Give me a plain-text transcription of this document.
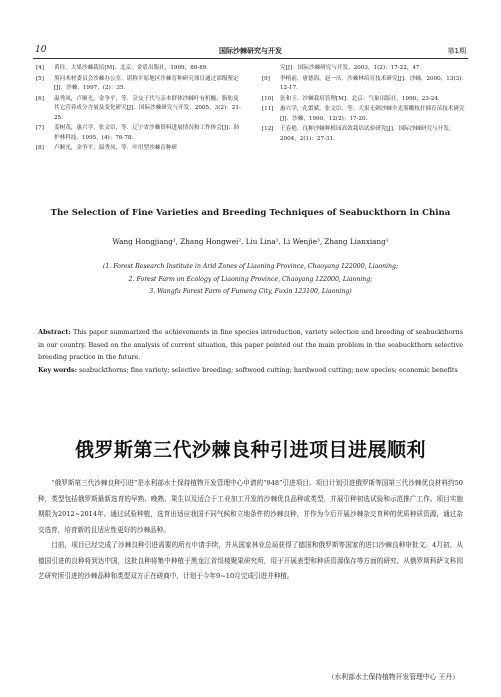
10	国际沙棘研究与开发	第1期
[4]	黄铨．大果沙棘栽培[M]．北京：金盾出版社，1999，88-89．
[5]	黑河木材委员会沙棘办公室．堪称平原地区沙棘育种研究项目通过部级鉴定[J]．沙棘，1997，(2)：35．
[6]	温秀凤，卢顺光，金争平，等．杂交子代与亲本群体沙棘叶有机酸、脂肪及其它营养成分含量及变化研究[J]．国际沙棘研究与开发，2005，3(2)：21-25．
[7]	姜树茂，惠兴学，张文臣，等．辽宁省沙棘资料进展情况和工作体会[J]．防护林科技，1995，(4)：76-78．
[8]	卢顺光，金争平，温秀凤，等．叶用型沙棘育种研
究[J]．国际沙棘研究与开发，2003，1(2)：17-22，47．
[9]	李榕前，唐德海，赵一庆．沙棘林培育技术研究[J]．沙棘，2000，13(3)：12-17．
[10]	张和玉．沙棘栽培管理[M]．北京：气象出版社，1990，23-24．
[11]	惠兴学，孔繁斌，张文臣，等．大果无刺沙棘全光雾嫩枝扦插育苗技术研究[J]．沙棘，1999，12(2)：17-20．
[12]	王春艳．良种沙棘种植园高效栽培试验研究[J]．国际沙棘研究与开发，2004，2(1)：27-31．
The Selection of Fine Varieties and Breeding Techniques of Seabuckthorn in China
Wang Hongjiang¹, Zhang Hongwei², Liu Lina¹, Li Wenjie³, Zhang Lianxiang¹
(1. Forest Research Institute in Arid Zones of Liaoning Province, Chaoyang 122000, Liaoning;
2. Forest Farm on Ecology of Liaoning Province, Chaoyang 122000, Liaoning;
3. Wangfu Forest Farm of Fumeng City, Fuxin 123100, Liaoning)
Abstract: This paper summarized the achievements in fine species introduction, variety selection and breeding of seabuckthorns in our country. Based on the analysis of current situation, this paper pointed out the main problem in the seabuckthorn selective breeding practice in the future.
Key words: seabuckthorns; fine variety; selective breeding; softwood cutting; hardwood cutting; new species; economic benefits
俄罗斯第三代沙棘良种引进项目进展顺利

“俄罗斯第三代沙棘良种引进”是水利部水土保持植物开发管理中心申请的“948”引进项目。项目计划引进俄罗斯等国第三代沙棘优良材料约50种，类型包括俄罗斯最新选育的早熟、晚熟、果生以及适合于工业加工开发的沙棘优良品种或类型，并展引种初选试验和示范推广工作。项目实施期限为2012~2014年。通过试验种植，选育出适应我国不同气候和立地条件的沙棘良种，并作为今后开展沙棘杂交育种的优质种质资源，通过杂交选育，培育新的且适应性更好的沙棘品种。

目前，项目已经完成了沙棘良种引进需要的所有申请手续，并从国家林业总局获得了德国和俄罗斯等国家的进口沙棘良种审批文。4月初，从德国引进的良种将到达中国，这批良种将集中种植于黑龙江省绥棱聚果研究所，用于开展表型和种质资源保存等方面的研究。从俄罗斯科萨文科园艺研究所引进的沙棘品种和类型双方正在磋商中，计划于今年9~10月完成引进并种植。

（水利部水土保持植物开发管理中心 王丹）
